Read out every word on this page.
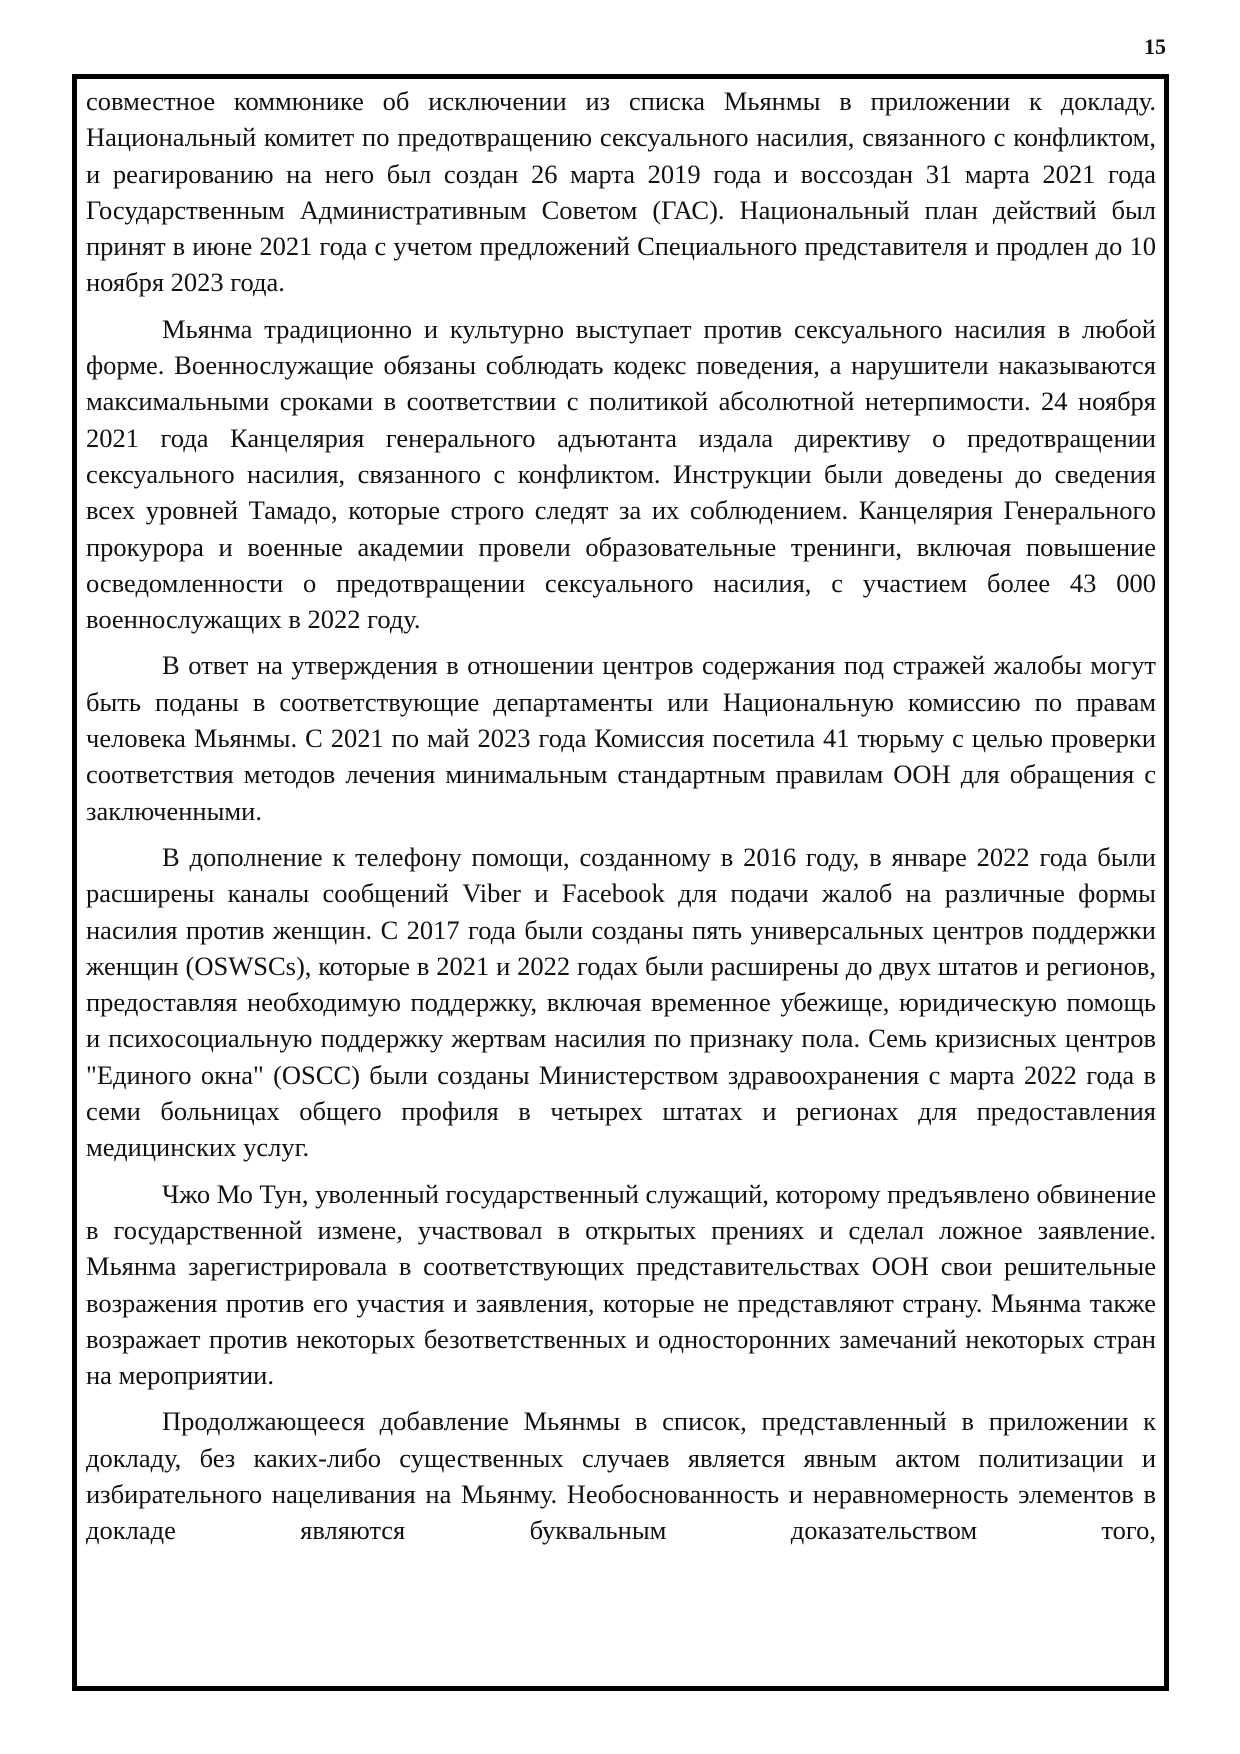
15

совместное коммюнике об исключении из списка Мьянмы в приложении к докладу. Национальный комитет по предотвращению сексуального насилия, связанного с конфликтом, и реагированию на него был создан 26 марта 2019 года и воссоздан 31 марта 2021 года Государственным Административным Советом (ГАС). Национальный план действий был принят в июне 2021 года с учетом предложений Специального представителя и продлен до 10 ноября 2023 года.

Мьянма традиционно и культурно выступает против сексуального насилия в любой форме. Военнослужащие обязаны соблюдать кодекс поведения, а нарушители наказываются максимальными сроками в соответствии с политикой абсолютной нетерпимости. 24 ноября 2021 года Канцелярия генерального адъютанта издала директиву о предотвращении сексуального насилия, связанного с конфликтом. Инструкции были доведены до сведения всех уровней Тамадо, которые строго следят за их соблюдением. Канцелярия Генерального прокурора и военные академии провели образовательные тренинги, включая повышение осведомленности о предотвращении сексуального насилия, с участием более 43 000 военнослужащих в 2022 году.

В ответ на утверждения в отношении центров содержания под стражей жалобы могут быть поданы в соответствующие департаменты или Национальную комиссию по правам человека Мьянмы. С 2021 по май 2023 года Комиссия посетила 41 тюрьму с целью проверки соответствия методов лечения минимальным стандартным правилам ООН для обращения с заключенными.

В дополнение к телефону помощи, созданному в 2016 году, в январе 2022 года были расширены каналы сообщений Viber и Facebook для подачи жалоб на различные формы насилия против женщин. С 2017 года были созданы пять универсальных центров поддержки женщин (OSWSCs), которые в 2021 и 2022 годах были расширены до двух штатов и регионов, предоставляя необходимую поддержку, включая временное убежище, юридическую помощь и психосоциальную поддержку жертвам насилия по признаку пола. Семь кризисных центров "Единого окна" (OSCC) были созданы Министерством здравоохранения с марта 2022 года в семи больницах общего профиля в четырех штатах и регионах для предоставления медицинских услуг.

Чжо Мо Тун, уволенный государственный служащий, которому предъявлено обвинение в государственной измене, участвовал в открытых прениях и сделал ложное заявление. Мьянма зарегистрировала в соответствующих представительствах ООН свои решительные возражения против его участия и заявления, которые не представляют страну. Мьянма также возражает против некоторых безответственных и односторонних замечаний некоторых стран на мероприятии.

Продолжающееся добавление Мьянмы в список, представленный в приложении к докладу, без каких-либо существенных случаев является явным актом политизации и избирательного нацеливания на Мьянму. Необоснованность и неравномерность элементов в докладе являются буквальным доказательством того,
